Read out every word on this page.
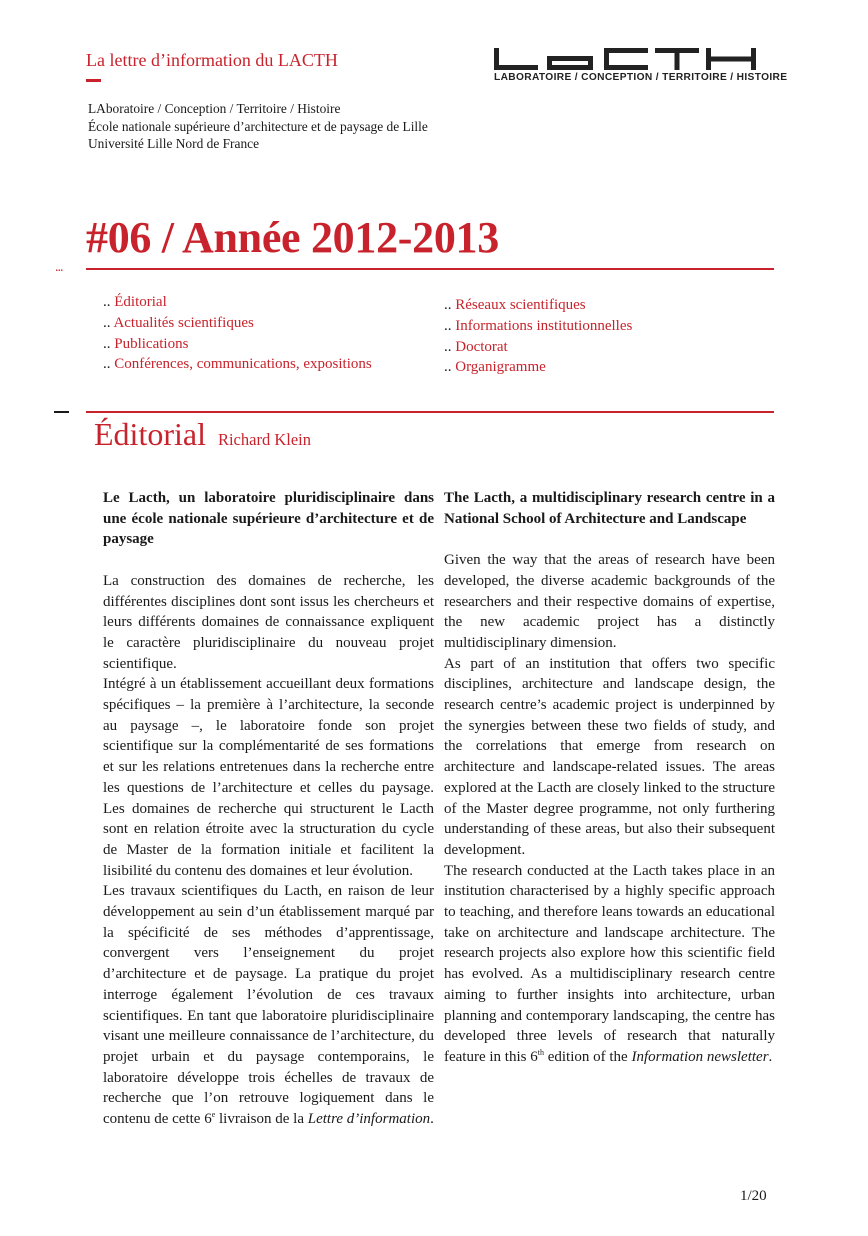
La lettre d’information du LACTH
LAboratoire / Conception / Territoire / Histoire
École nationale supérieure d’architecture et de paysage de Lille
Université Lille Nord de France
LABORATOIRE / CONCEPTION / TERRITOIRE / HISTOIRE
#06 / Année 2012-2013
...
.. Éditorial
.. Actualités scientifiques
.. Publications
.. Conférences, communications, expositions
.. Réseaux scientifiques
.. Informations institutionnelles
.. Doctorat
.. Organigramme
Éditorial Richard Klein

Le Lacth, un laboratoire pluridisciplinaire dans une école nationale supérieure d’architecture et de paysage

La construction des domaines de recherche, les différentes disciplines dont sont issus les chercheurs et leurs différents domaines de connaissance expliquent le caractère pluridisciplinaire du nouveau projet scientifique.

Intégré à un établissement accueillant deux formations spécifiques – la première à l’architecture, la seconde au paysage –, le laboratoire fonde son projet scientifique sur la complémentarité de ses formations et sur les relations entretenues dans la recherche entre les questions de l’architecture et celles du paysage. Les domaines de recherche qui structurent le Lacth sont en relation étroite avec la structuration du cycle de Master de la formation initiale et facilitent la lisibilité du contenu des domaines et leur évolution.

Les travaux scientifiques du Lacth, en raison de leur développement au sein d’un établissement marqué par la spécificité de ses méthodes d’apprentissage, convergent vers l’enseignement du projet d’architecture et de paysage. La pratique du projet interroge également l’évolution de ces travaux scientifiques. En tant que laboratoire pluridisciplinaire visant une meilleure connaissance de l’architecture, du projet urbain et du paysage contemporains, le laboratoire développe trois échelles de travaux de recherche que l’on retrouve logiquement dans le contenu de cette 6e livraison de la Lettre d’information.

The Lacth, a multidisciplinary research centre in a National School of Architecture and Landscape

Given the way that the areas of research have been developed, the diverse academic backgrounds of the researchers and their respective domains of expertise, the new academic project has a distinctly multidisciplinary dimension.

As part of an institution that offers two specific disciplines, architecture and landscape design, the research centre’s academic project is underpinned by the synergies between these two fields of study, and the correlations that emerge from research on architecture and landscape-related issues. The areas explored at the Lacth are closely linked to the structure of the Master degree programme, not only furthering understanding of these areas, but also their subsequent development.

The research conducted at the Lacth takes place in an institution characterised by a highly specific approach to teaching, and therefore leans towards an educational take on architecture and landscape architecture. The research projects also explore how this scientific field has evolved. As a multidisciplinary research centre aiming to further insights into architecture, urban planning and contemporary landscaping, the centre has developed three levels of research that naturally feature in this 6th edition of the Information newsletter.

1/20
